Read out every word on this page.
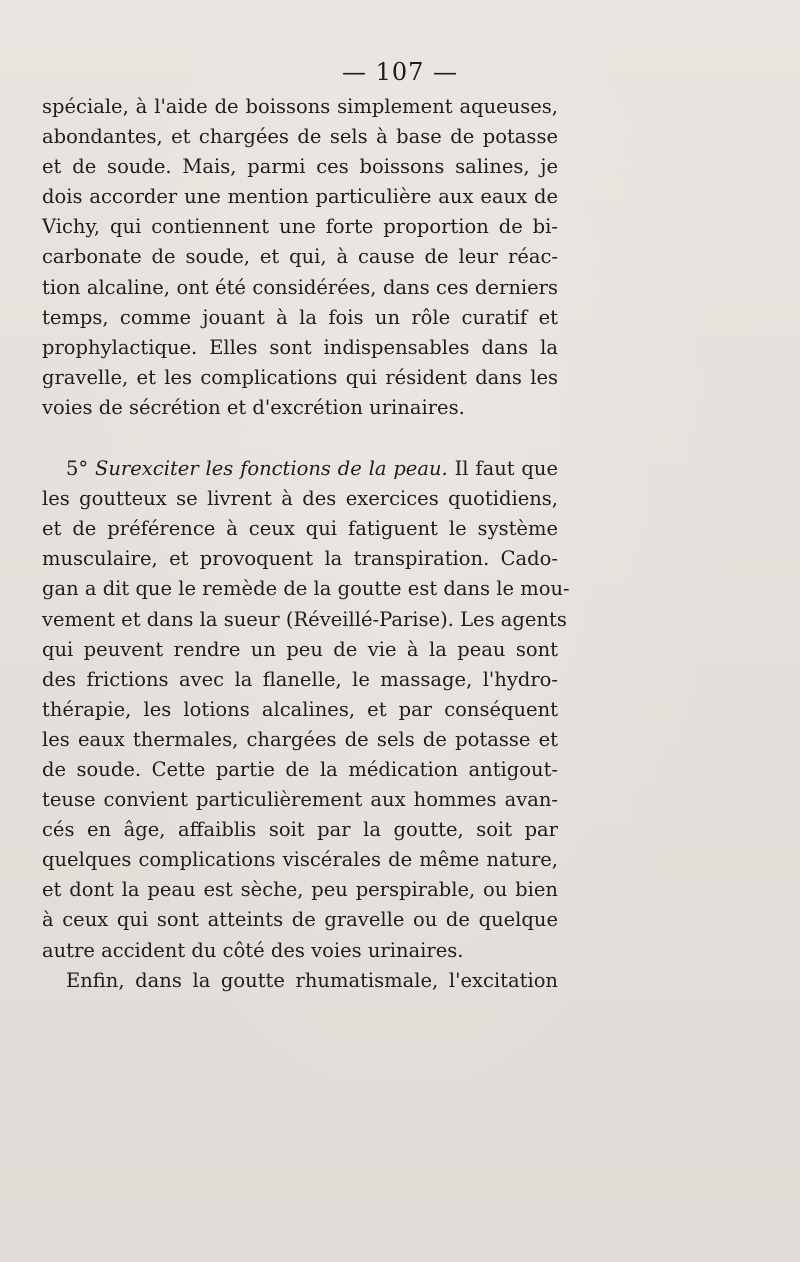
— 107 —
spéciale, à l'aide de boissons simplement aqueuses,
abondantes, et chargées de sels à base de potasse
et de soude. Mais, parmi ces boissons salines, je
dois accorder une mention particulière aux eaux de
Vichy, qui contiennent une forte proportion de bi-
carbonate de soude, et qui, à cause de leur réac-
tion alcaline, ont été considérées, dans ces derniers
temps, comme jouant à la fois un rôle curatif et
prophylactique. Elles sont indispensables dans la
gravelle, et les complications qui résident dans les
voies de sécrétion et d'excrétion urinaires.
5° Surexciter les fonctions de la peau. Il faut que
les goutteux se livrent à des exercices quotidiens,
et de préférence à ceux qui fatiguent le système
musculaire, et provoquent la transpiration. Cado-
gan a dit que le remède de la goutte est dans le mou-
vement et dans la sueur (Réveillé-Parise). Les agents
qui peuvent rendre un peu de vie à la peau sont
des frictions avec la flanelle, le massage, l'hydro-
thérapie, les lotions alcalines, et par conséquent
les eaux thermales, chargées de sels de potasse et
de soude. Cette partie de la médication antigout-
teuse convient particulièrement aux hommes avan-
cés en âge, affaiblis soit par la goutte, soit par
quelques complications viscérales de même nature,
et dont la peau est sèche, peu perspirable, ou bien
à ceux qui sont atteints de gravelle ou de quelque
autre accident du côté des voies urinaires.
Enfin, dans la goutte rhumatismale, l'excitation
